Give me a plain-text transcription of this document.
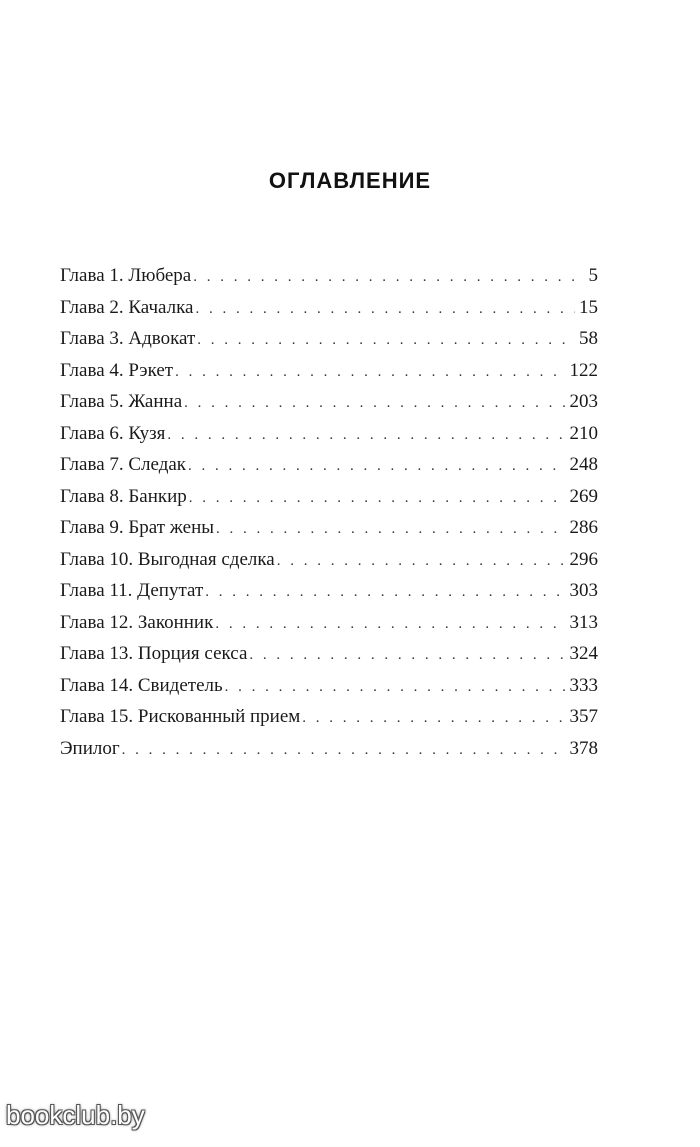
ОГЛАВЛЕНИЕ
Глава 1. Любера . . .	5
Глава 2. Качалка . . .	15
Глава 3. Адвокат . . .	58
Глава 4. Рэкет . . .	122
Глава 5. Жанна . . .	203
Глава 6. Кузя . . .	210
Глава 7. Следак . . .	248
Глава 8. Банкир . . .	269
Глава 9. Брат жены . . .	286
Глава 10. Выгодная сделка . . .	296
Глава 11. Депутат . . .	303
Глава 12. Законник . . .	313
Глава 13. Порция секса . . .	324
Глава 14. Свидетель . . .	333
Глава 15. Рискованный прием . . .	357
Эпилог . . .	378
bookclub.by
